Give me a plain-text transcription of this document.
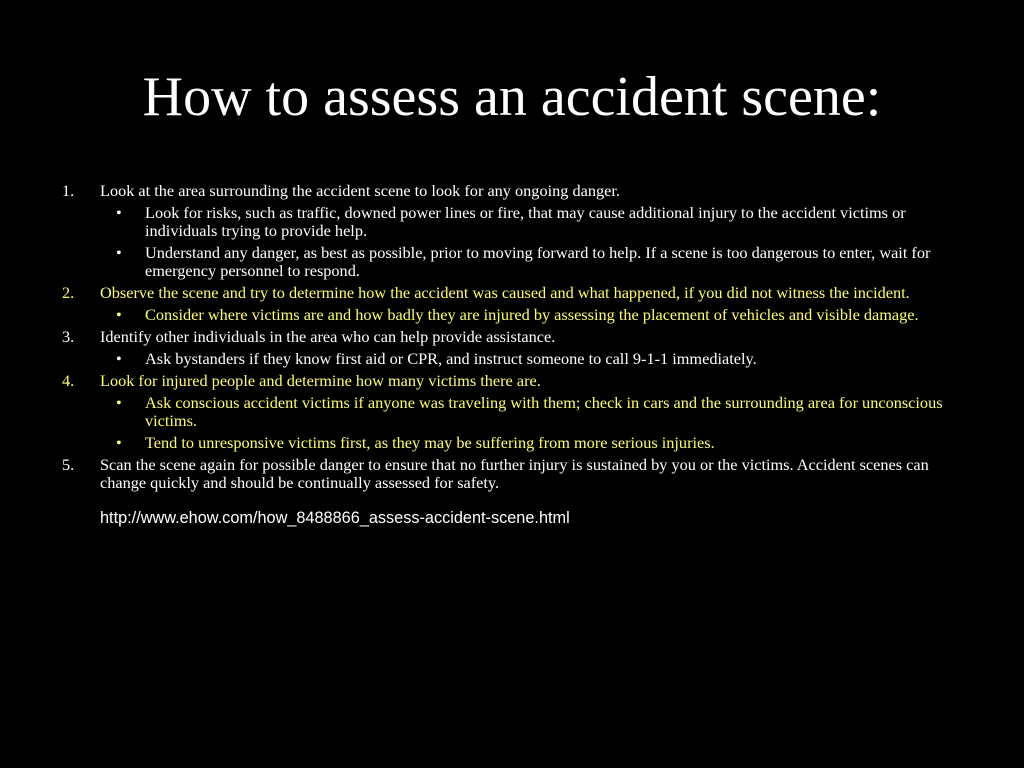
How to assess an accident scene:
1.	Look at the area surrounding the accident scene to look for any ongoing danger.
• Look for risks, such as traffic, downed power lines or fire, that may cause additional injury to the accident victims or individuals trying to provide help.
• Understand any danger, as best as possible, prior to moving forward to help. If a scene is too dangerous to enter, wait for emergency personnel to respond.
2.	Observe the scene and try to determine how the accident was caused and what happened, if you did not witness the incident.
• Consider where victims are and how badly they are injured by assessing the placement of vehicles and visible damage.
3.	Identify other individuals in the area who can help provide assistance.
• Ask bystanders if they know first aid or CPR, and instruct someone to call 9-1-1 immediately.
4.	Look for injured people and determine how many victims there are.
• Ask conscious accident victims if anyone was traveling with them; check in cars and the surrounding area for unconscious victims.
• Tend to unresponsive victims first, as they may be suffering from more serious injuries.
5.	Scan the scene again for possible danger to ensure that no further injury is sustained by you or the victims. Accident scenes can change quickly and should be continually assessed for safety.
http://www.ehow.com/how_8488866_assess-accident-scene.html
